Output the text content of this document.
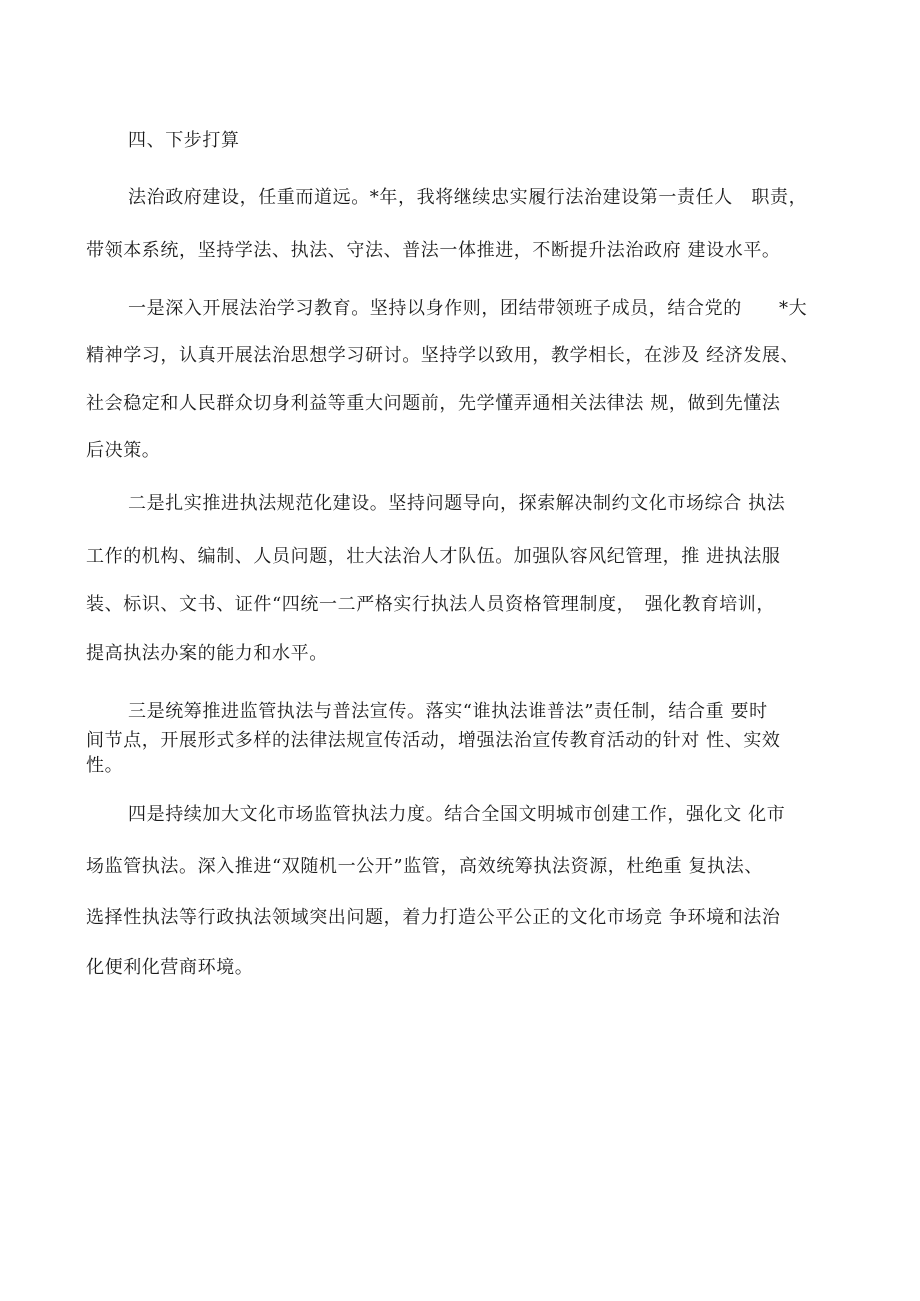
四、下步打算
法治政府建设，任重而道远。*年，我将继续忠实履行法治建设第一责任人　职责，
带领本系统，坚持学法、执法、守法、普法一体推进，不断提升法治政府 建设水平。
一是深入开展法治学习教育。坚持以身作则，团结带领班子成员，结合党的　　*大
精神学习，认真开展法治思想学习研讨。坚持学以致用，教学相长，在涉及 经济发展、
社会稳定和人民群众切身利益等重大问题前，先学懂弄通相关法律法 规，做到先懂法
后决策。
二是扎实推进执法规范化建设。坚持问题导向，探索解决制约文化市场综合 执法
工作的机构、编制、人员问题，壮大法治人才队伍。加强队容风纪管理，推 进执法服
装、标识、文书、证件“四统一二严格实行执法人员资格管理制度，　强化教育培训，
提高执法办案的能力和水平。
三是统筹推进监管执法与普法宣传。落实“谁执法谁普法”责任制，结合重 要时
间节点，开展形式多样的法律法规宣传活动，增强法治宣传教育活动的针对 性、实效
性。
四是持续加大文化市场监管执法力度。结合全国文明城市创建工作，强化文 化市
场监管执法。深入推进“双随机一公开”监管，高效统筹执法资源，杜绝重 复执法、
选择性执法等行政执法领域突出问题，着力打造公平公正的文化市场竞 争环境和法治
化便利化营商环境。
